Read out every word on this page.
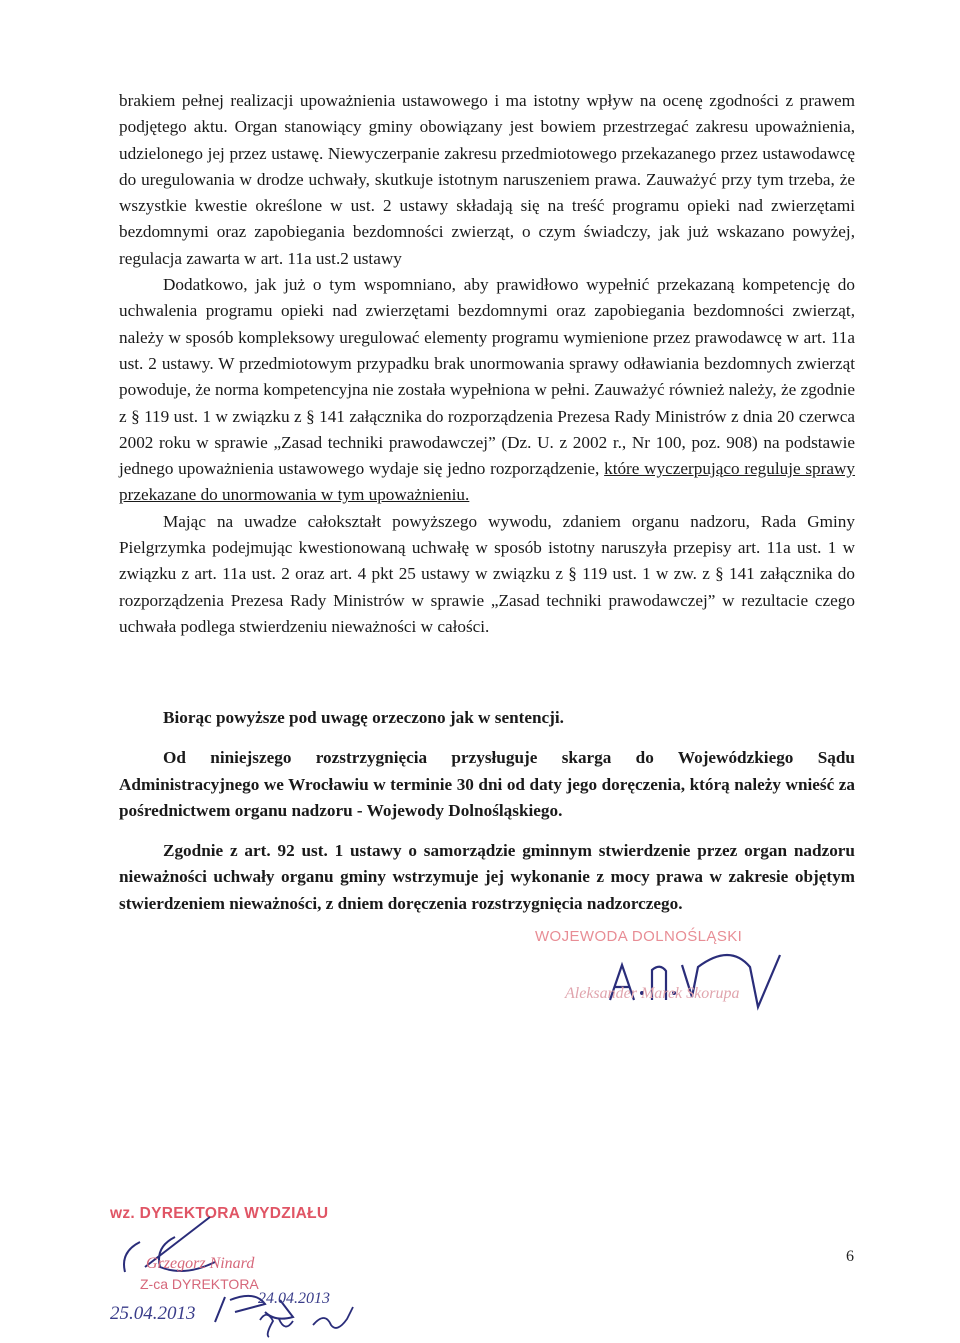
brakiem pełnej realizacji upoważnienia ustawowego i ma istotny wpływ na ocenę zgodności z prawem podjętego aktu. Organ stanowiący gminy obowiązany jest bowiem przestrzegać zakresu upoważnienia, udzielonego jej przez ustawę. Niewyczerpanie zakresu przedmiotowego przekazanego przez ustawodawcę do uregulowania w drodze uchwały, skutkuje istotnym naruszeniem prawa. Zauważyć przy tym trzeba, że wszystkie kwestie określone w ust. 2 ustawy składają się na treść programu opieki nad zwierzętami bezdomnymi oraz zapobiegania bezdomności zwierząt, o czym świadczy, jak już wskazano powyżej, regulacja zawarta w art. 11a ust.2 ustawy

Dodatkowo, jak już o tym wspomniano, aby prawidłowo wypełnić przekazaną kompetencję do uchwalenia programu opieki nad zwierzętami bezdomnymi oraz zapobiegania bezdomności zwierząt, należy w sposób kompleksowy uregulować elementy programu wymienione przez prawodawcę w art. 11a ust. 2 ustawy. W przedmiotowym przypadku brak unormowania sprawy odławiania bezdomnych zwierząt powoduje, że norma kompetencyjna nie została wypełniona w pełni. Zauważyć również należy, że zgodnie z § 119 ust. 1 w związku z § 141 załącznika do rozporządzenia Prezesa Rady Ministrów z dnia 20 czerwca 2002 roku w sprawie „Zasad techniki prawodawczej” (Dz. U. z 2002 r., Nr 100, poz. 908) na podstawie jednego upoważnienia ustawowego wydaje się jedno rozporządzenie, które wyczerpująco reguluje sprawy przekazane do unormowania w tym upoważnieniu.

Mając na uwadze całokształt powyższego wywodu, zdaniem organu nadzoru, Rada Gminy Pielgrzymka podejmując kwestionowaną uchwałę w sposób istotny naruszyła przepisy art. 11a ust. 1 w związku z art. 11a ust. 2 oraz art. 4 pkt 25 ustawy w związku z § 119 ust. 1 w zw. z § 141 załącznika do rozporządzenia Prezesa Rady Ministrów w sprawie „Zasad techniki prawodawczej” w rezultacie czego uchwała podlega stwierdzeniu nieważności w całości.

Biorąc powyższe pod uwagę orzeczono jak w sentencji.

Od niniejszego rozstrzygnięcia przysługuje skarga do Wojewódzkiego Sądu Administracyjnego we Wrocławiu w terminie 30 dni od daty jego doręczenia, którą należy wnieść za pośrednictwem organu nadzoru - Wojewody Dolnośląskiego.

Zgodnie z art. 92 ust. 1 ustawy o samorządzie gminnym stwierdzenie przez organ nadzoru nieważności uchwały organu gminy wstrzymuje jej wykonanie z mocy prawa w zakresie objętym stwierdzeniem nieważności, z dniem doręczenia rozstrzygnięcia nadzorczego.

WOJEWODA DOLNOŚLĄSKI
Aleksander Marek Skorupa
wz. DYREKTORA WYDZIAŁU
Grzegorz Ninard
Z-ca DYREKTORA
25.04.2013
24.04.2013
6
